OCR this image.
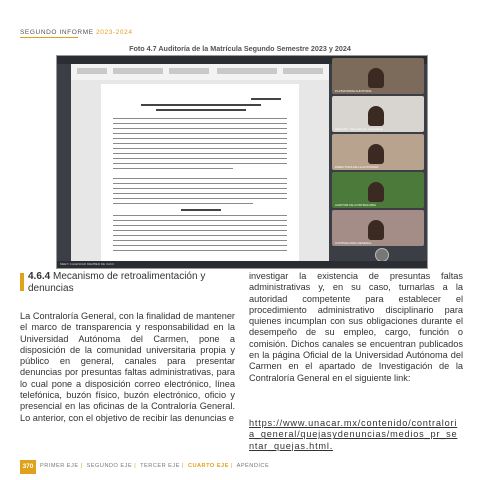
SEGUNDO INFORME 2023-2024
Foto 4.7 Auditoría de la Matrícula Segundo Semestre 2023 y 2024
PLATAFORMA AUDITORIA
UNACAR - Dirección de Contraloría
DIRECTORA DE LA ACTIVIDAD
AUDITOR DE CONTRALORIA
CONTRALORIA GENERAL
MEET: CALENDAR MEMBER DE UACC
4.6.4 Mecanismo de retroalimentación y denuncias
La Contraloría General, con la finalidad de mantener el marco de transparencia y responsabilidad en la Universidad Autónoma del Carmen, pone a disposición de la comunidad universitaria propia y público en general, canales para presentar denuncias por presuntas faltas administrativas, para lo cual pone a disposición correo electrónico, línea telefónica, buzón físico, buzón electrónico, oficio y presencial en las oficinas de la Contraloría General. Lo anterior, con el objetivo de recibir las denuncias e
investigar la existencia de presuntas faltas administrativas y, en su caso, turnarlas a la autoridad competente para establecer el procedimiento administrativo disciplinario para quienes incumplan con sus obligaciones durante el desempeño de su empleo, cargo, función o comisión. Dichos canales se encuentran publicados en la página Oficial de la Universidad Autónoma del Carmen en el apartado de Investigación de la Contraloría General en el siguiente link:
https://www.unacar.mx/contenido/contraloria_general/quejasydenuncias/medios_pr_sentar_quejas.html.
370	PRIMER EJE | SEGUNDO EJE | TERCER EJE | CUARTO EJE | APÉNDICE
